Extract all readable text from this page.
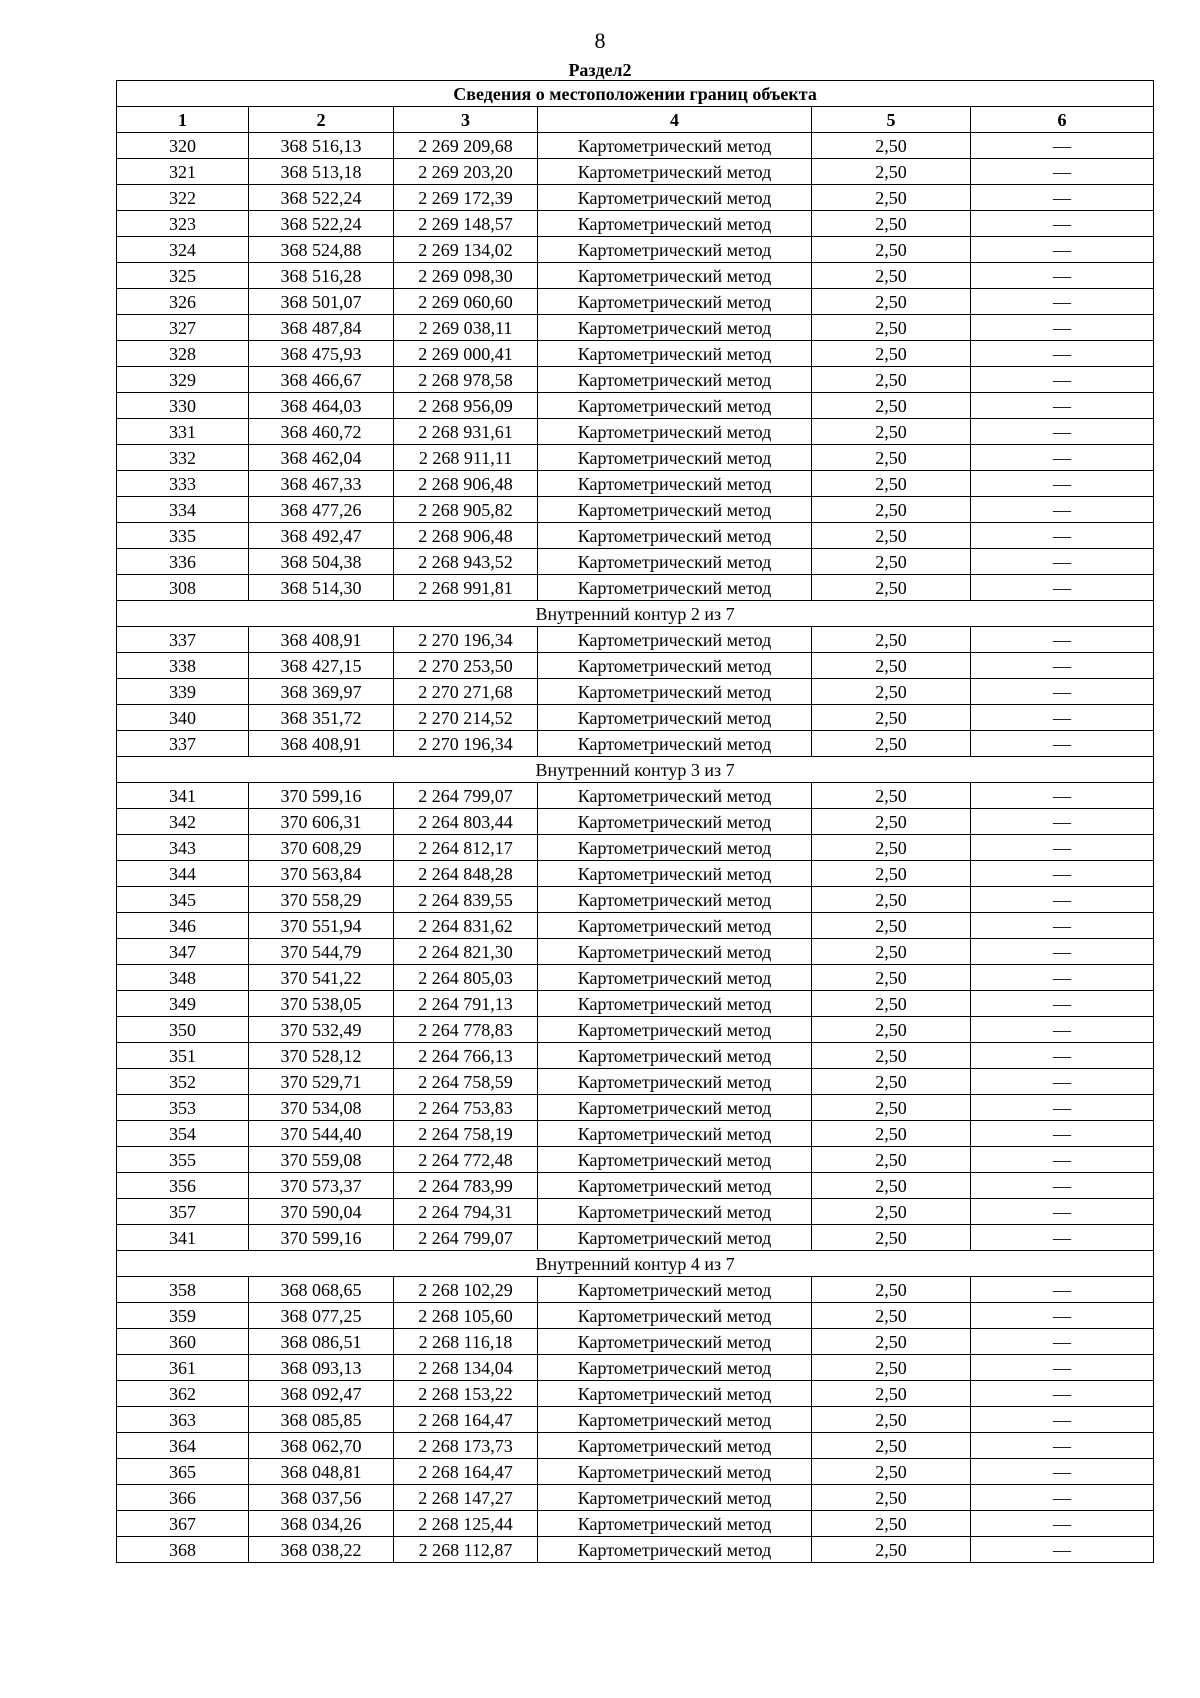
8
Раздел2
Сведения о местоположении границ объекта					
1	2	3	4	5	6
320	368 516,13	2 269 209,68	Картометрический метод	2,50	—
321	368 513,18	2 269 203,20	Картометрический метод	2,50	—
322	368 522,24	2 269 172,39	Картометрический метод	2,50	—
323	368 522,24	2 269 148,57	Картометрический метод	2,50	—
324	368 524,88	2 269 134,02	Картометрический метод	2,50	—
325	368 516,28	2 269 098,30	Картометрический метод	2,50	—
326	368 501,07	2 269 060,60	Картометрический метод	2,50	—
327	368 487,84	2 269 038,11	Картометрический метод	2,50	—
328	368 475,93	2 269 000,41	Картометрический метод	2,50	—
329	368 466,67	2 268 978,58	Картометрический метод	2,50	—
330	368 464,03	2 268 956,09	Картометрический метод	2,50	—
331	368 460,72	2 268 931,61	Картометрический метод	2,50	—
332	368 462,04	2 268 911,11	Картометрический метод	2,50	—
333	368 467,33	2 268 906,48	Картометрический метод	2,50	—
334	368 477,26	2 268 905,82	Картометрический метод	2,50	—
335	368 492,47	2 268 906,48	Картометрический метод	2,50	—
336	368 504,38	2 268 943,52	Картометрический метод	2,50	—
308	368 514,30	2 268 991,81	Картометрический метод	2,50	—
Внутренний контур 2 из 7					
337	368 408,91	2 270 196,34	Картометрический метод	2,50	—
338	368 427,15	2 270 253,50	Картометрический метод	2,50	—
339	368 369,97	2 270 271,68	Картометрический метод	2,50	—
340	368 351,72	2 270 214,52	Картометрический метод	2,50	—
337	368 408,91	2 270 196,34	Картометрический метод	2,50	—
Внутренний контур 3 из 7					
341	370 599,16	2 264 799,07	Картометрический метод	2,50	—
342	370 606,31	2 264 803,44	Картометрический метод	2,50	—
343	370 608,29	2 264 812,17	Картометрический метод	2,50	—
344	370 563,84	2 264 848,28	Картометрический метод	2,50	—
345	370 558,29	2 264 839,55	Картометрический метод	2,50	—
346	370 551,94	2 264 831,62	Картометрический метод	2,50	—
347	370 544,79	2 264 821,30	Картометрический метод	2,50	—
348	370 541,22	2 264 805,03	Картометрический метод	2,50	—
349	370 538,05	2 264 791,13	Картометрический метод	2,50	—
350	370 532,49	2 264 778,83	Картометрический метод	2,50	—
351	370 528,12	2 264 766,13	Картометрический метод	2,50	—
352	370 529,71	2 264 758,59	Картометрический метод	2,50	—
353	370 534,08	2 264 753,83	Картометрический метод	2,50	—
354	370 544,40	2 264 758,19	Картометрический метод	2,50	—
355	370 559,08	2 264 772,48	Картометрический метод	2,50	—
356	370 573,37	2 264 783,99	Картометрический метод	2,50	—
357	370 590,04	2 264 794,31	Картометрический метод	2,50	—
341	370 599,16	2 264 799,07	Картометрический метод	2,50	—
Внутренний контур 4 из 7					
358	368 068,65	2 268 102,29	Картометрический метод	2,50	—
359	368 077,25	2 268 105,60	Картометрический метод	2,50	—
360	368 086,51	2 268 116,18	Картометрический метод	2,50	—
361	368 093,13	2 268 134,04	Картометрический метод	2,50	—
362	368 092,47	2 268 153,22	Картометрический метод	2,50	—
363	368 085,85	2 268 164,47	Картометрический метод	2,50	—
364	368 062,70	2 268 173,73	Картометрический метод	2,50	—
365	368 048,81	2 268 164,47	Картометрический метод	2,50	—
366	368 037,56	2 268 147,27	Картометрический метод	2,50	—
367	368 034,26	2 268 125,44	Картометрический метод	2,50	—
368	368 038,22	2 268 112,87	Картометрический метод	2,50	—
